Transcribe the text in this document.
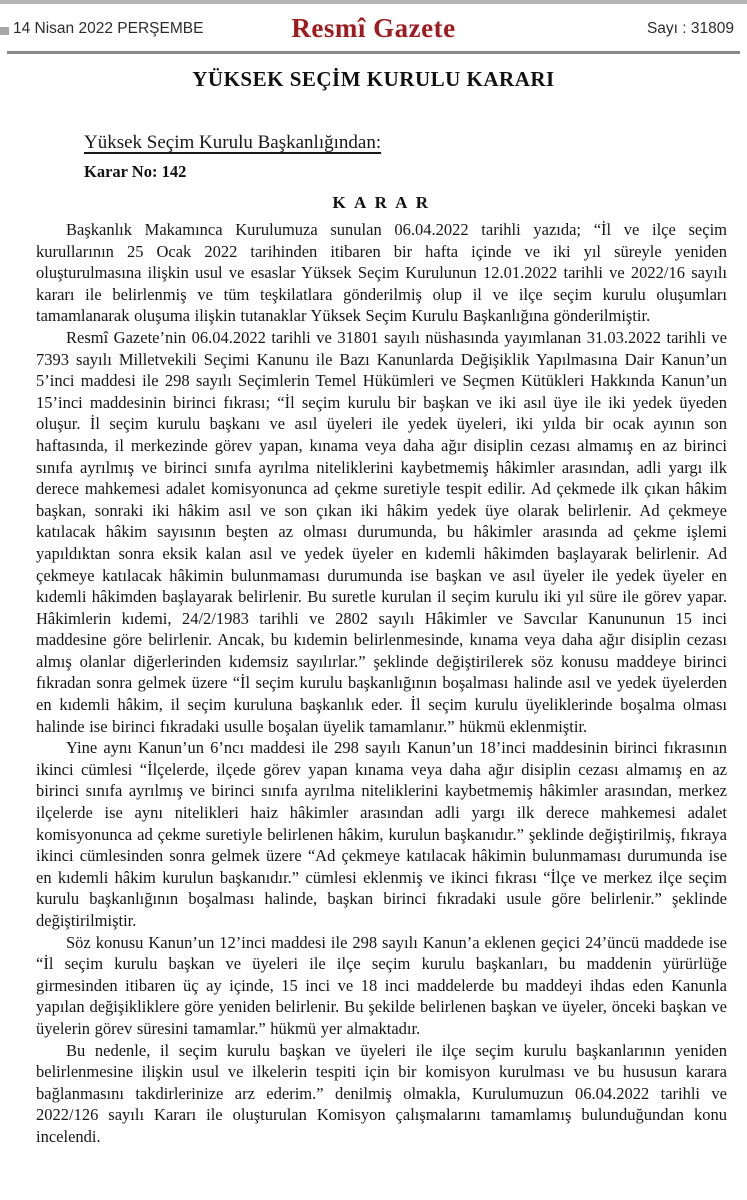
14 Nisan 2022 PERŞEMBE	Resmî Gazete	Sayı : 31809
YÜKSEK SEÇİM KURULU KARARI
Yüksek Seçim Kurulu Başkanlığından:
Karar No: 142
K A R A R

Başkanlık Makamınca Kurulumuza sunulan 06.04.2022 tarihli yazıda; “İl ve ilçe seçim kurullarının 25 Ocak 2022 tarihinden itibaren bir hafta içinde ve iki yıl süreyle yeniden oluşturulmasına ilişkin usul ve esaslar Yüksek Seçim Kurulunun 12.01.2022 tarihli ve 2022/16 sayılı kararı ile belirlenmiş ve tüm teşkilatlara gönderilmiş olup il ve ilçe seçim kurulu oluşumları tamamlanarak oluşuma ilişkin tutanaklar Yüksek Seçim Kurulu Başkanlığına gönderilmiştir.

Resmî Gazete’nin 06.04.2022 tarihli ve 31801 sayılı nüshasında yayımlanan 31.03.2022 tarihli ve 7393 sayılı Milletvekili Seçimi Kanunu ile Bazı Kanunlarda Değişiklik Yapılmasına Dair Kanun’un 5’inci maddesi ile 298 sayılı Seçimlerin Temel Hükümleri ve Seçmen Kütükleri Hakkında Kanun’un 15’inci maddesinin birinci fıkrası; “İl seçim kurulu bir başkan ve iki asıl üye ile iki yedek üyeden oluşur. İl seçim kurulu başkanı ve asıl üyeleri ile yedek üyeleri, iki yılda bir ocak ayının son haftasında, il merkezinde görev yapan, kınama veya daha ağır disiplin cezası almamış en az birinci sınıfa ayrılmış ve birinci sınıfa ayrılma niteliklerini kaybetmemiş hâkimler arasından, adli yargı ilk derece mahkemesi adalet komisyonunca ad çekme suretiyle tespit edilir. Ad çekmede ilk çıkan hâkim başkan, sonraki iki hâkim asıl ve son çıkan iki hâkim yedek üye olarak belirlenir. Ad çekmeye katılacak hâkim sayısının beşten az olması durumunda, bu hâkimler arasında ad çekme işlemi yapıldıktan sonra eksik kalan asıl ve yedek üyeler en kıdemli hâkimden başlayarak belirlenir. Ad çekmeye katılacak hâkimin bulunmaması durumunda ise başkan ve asıl üyeler ile yedek üyeler en kıdemli hâkimden başlayarak belirlenir. Bu suretle kurulan il seçim kurulu iki yıl süre ile görev yapar. Hâkimlerin kıdemi, 24/2/1983 tarihli ve 2802 sayılı Hâkimler ve Savcılar Kanununun 15 inci maddesine göre belirlenir. Ancak, bu kıdemin belirlenmesinde, kınama veya daha ağır disiplin cezası almış olanlar diğerlerinden kıdemsiz sayılırlar.” şeklinde değiştirilerek söz konusu maddeye birinci fıkradan sonra gelmek üzere “İl seçim kurulu başkanlığının boşalması halinde asıl ve yedek üyelerden en kıdemli hâkim, il seçim kuruluna başkanlık eder. İl seçim kurulu üyeliklerinde boşalma olması halinde ise birinci fıkradaki usulle boşalan üyelik tamamlanır.” hükmü eklenmiştir.

Yine aynı Kanun’un 6’ncı maddesi ile 298 sayılı Kanun’un 18’inci maddesinin birinci fıkrasının ikinci cümlesi “İlçelerde, ilçede görev yapan kınama veya daha ağır disiplin cezası almamış en az birinci sınıfa ayrılmış ve birinci sınıfa ayrılma niteliklerini kaybetmemiş hâkimler arasından, merkez ilçelerde ise aynı nitelikleri haiz hâkimler arasından adli yargı ilk derece mahkemesi adalet komisyonunca ad çekme suretiyle belirlenen hâkim, kurulun başkanıdır.” şeklinde değiştirilmiş, fıkraya ikinci cümlesinden sonra gelmek üzere “Ad çekmeye katılacak hâkimin bulunmaması durumunda ise en kıdemli hâkim kurulun başkanıdır.” cümlesi eklenmiş ve ikinci fıkrası “İlçe ve merkez ilçe seçim kurulu başkanlığının boşalması halinde, başkan birinci fıkradaki usule göre belirlenir.” şeklinde değiştirilmiştir.

Söz konusu Kanun’un 12’inci maddesi ile 298 sayılı Kanun’a eklenen geçici 24’üncü maddede ise “İl seçim kurulu başkan ve üyeleri ile ilçe seçim kurulu başkanları, bu maddenin yürürlüğe girmesinden itibaren üç ay içinde, 15 inci ve 18 inci maddelerde bu maddeyi ihdas eden Kanunla yapılan değişikliklere göre yeniden belirlenir. Bu şekilde belirlenen başkan ve üyeler, önceki başkan ve üyelerin görev süresini tamamlar.” hükmü yer almaktadır.

Bu nedenle, il seçim kurulu başkan ve üyeleri ile ilçe seçim kurulu başkanlarının yeniden belirlenmesine ilişkin usul ve ilkelerin tespiti için bir komisyon kurulması ve bu hususun karara bağlanmasını takdirlerinize arz ederim.” denilmiş olmakla, Kurulumuzun 06.04.2022 tarihli ve 2022/126 sayılı Kararı ile oluşturulan Komisyon çalışmalarını tamamlamış bulunduğundan konu incelendi.
